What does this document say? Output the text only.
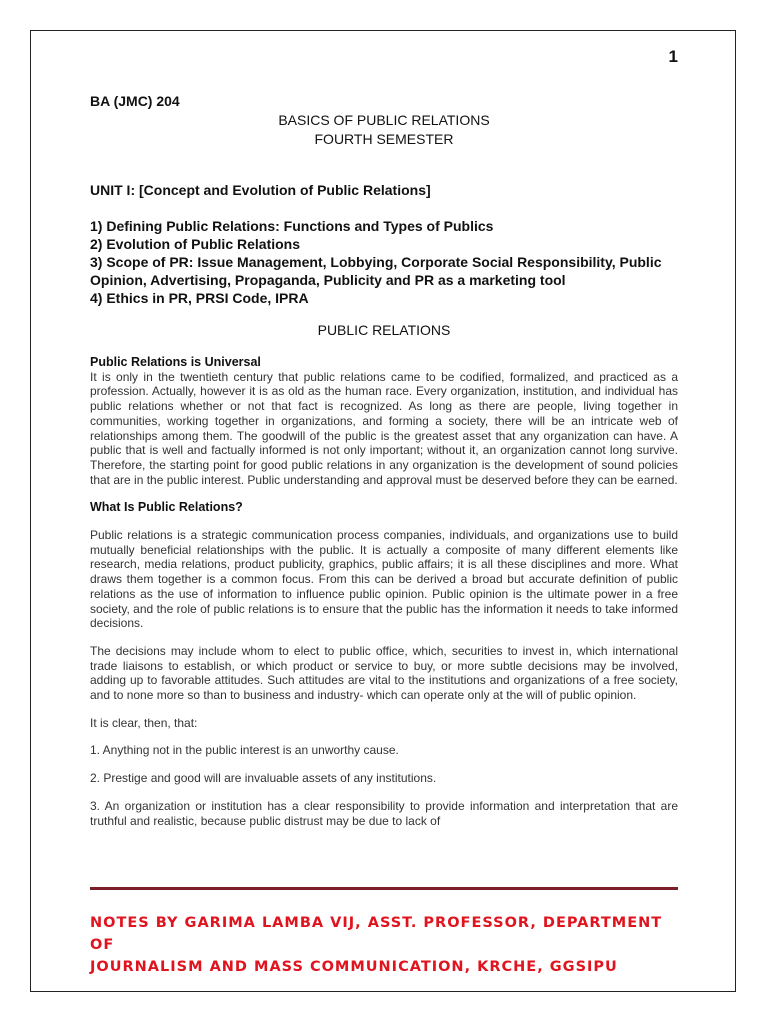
1
BA (JMC) 204
BASICS OF PUBLIC RELATIONS
FOURTH SEMESTER
UNIT I: [Concept and Evolution of Public Relations]
1) Defining Public Relations: Functions and Types of Publics
2) Evolution of Public Relations
3) Scope of PR: Issue Management, Lobbying, Corporate Social Responsibility, Public Opinion, Advertising, Propaganda, Publicity and PR as a marketing tool
4) Ethics in PR, PRSI Code, IPRA
PUBLIC RELATIONS

Public Relations is Universal

It is only in the twentieth century that public relations came to be codified, formalized, and practiced as a profession. Actually, however it is as old as the human race. Every organization, institution, and individual has public relations whether or not that fact is recognized. As long as there are people, living together in communities, working together in organizations, and forming a society, there will be an intricate web of relationships among them. The goodwill of the public is the greatest asset that any organization can have. A public that is well and factually informed is not only important; without it, an organization cannot long survive. Therefore, the starting point for good public relations in any organization is the development of sound policies that are in the public interest. Public understanding and approval must be deserved before they can be earned.

What Is Public Relations?

Public relations is a strategic communication process companies, individuals, and organizations use to build mutually beneficial relationships with the public. It is actually a composite of many different elements like research, media relations, product publicity, graphics, public affairs; it is all these disciplines and more. What draws them together is a common focus. From this can be derived a broad but accurate definition of public relations as the use of information to influence public opinion. Public opinion is the ultimate power in a free society, and the role of public relations is to ensure that the public has the information it needs to take informed decisions.

The decisions may include whom to elect to public office, which, securities to invest in, which international trade liaisons to establish, or which product or service to buy, or more subtle decisions may be involved, adding up to favorable attitudes. Such attitudes are vital to the institutions and organizations of a free society, and to none more so than to business and industry- which can operate only at the will of public opinion.

It is clear, then, that:

1. Anything not in the public interest is an unworthy cause.

2. Prestige and good will are invaluable assets of any institutions.

3. An organization or institution has a clear responsibility to provide information and interpretation that are truthful and realistic, because public distrust may be due to lack of

NOTES BY GARIMA LAMBA VIJ, ASST. PROFESSOR, DEPARTMENT OF
JOURNALISM AND MASS COMMUNICATION, KRCHE, GGSIPU
